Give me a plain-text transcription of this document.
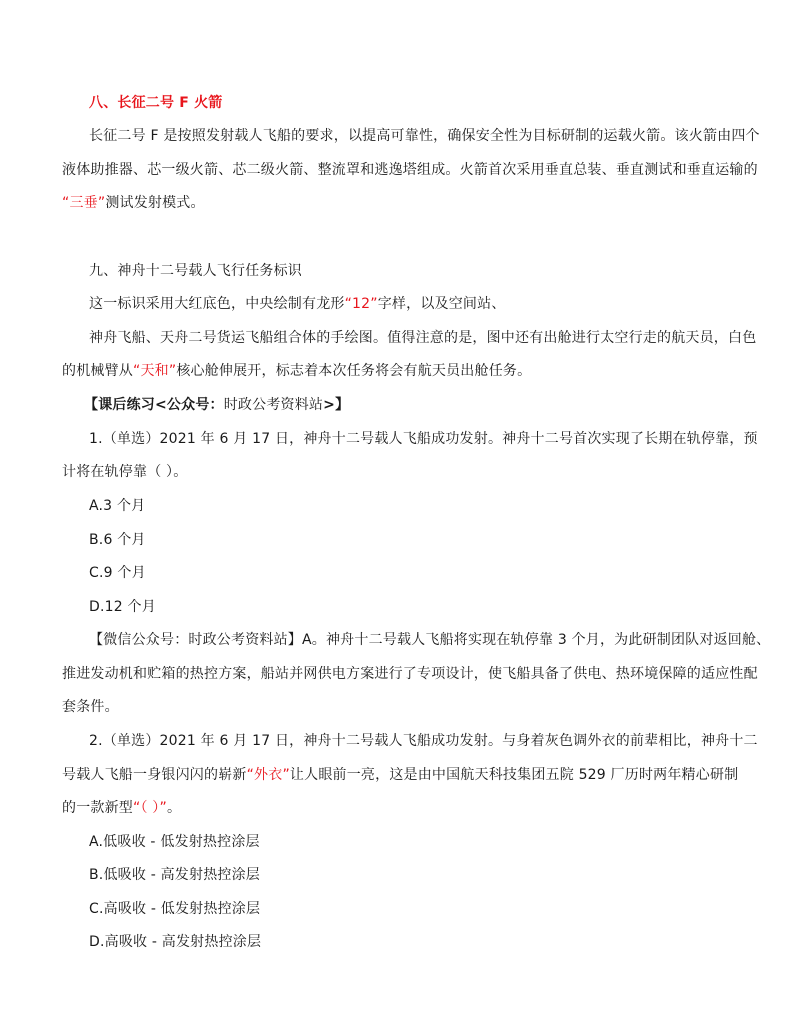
八、长征二号 F 火箭
长征二号 F 是按照发射载人飞船的要求，以提高可靠性，确保安全性为目标研制的运载火箭。该火箭由四个
液体助推器、芯一级火箭、芯二级火箭、整流罩和逃逸塔组成。火箭首次采用垂直总装、垂直测试和垂直运输的
“三垂”测试发射模式。
九、神舟十二号载人飞行任务标识
这一标识采用大红底色，中央绘制有龙形“12”字样，以及空间站、
神舟飞船、天舟二号货运飞船组合体的手绘图。值得注意的是，图中还有出舱进行太空行走的航天员，白色
的机械臂从“天和”核心舱伸展开，标志着本次任务将会有航天员出舱任务。
【课后练习<公众号：时政公考资料站>】
1.（单选）2021 年 6 月 17 日，神舟十二号载人飞船成功发射。神舟十二号首次实现了长期在轨停靠，预
计将在轨停靠（ ）。
A.3 个月
B.6 个月
C.9 个月
D.12 个月
【微信公众号：时政公考资料站】A。神舟十二号载人飞船将实现在轨停靠 3 个月，为此研制团队对返回舱、
推进发动机和贮箱的热控方案，船站并网供电方案进行了专项设计，使飞船具备了供电、热环境保障的适应性配
套条件。
2.（单选）2021 年 6 月 17 日，神舟十二号载人飞船成功发射。与身着灰色调外衣的前辈相比，神舟十二
号载人飞船一身银闪闪的崭新“外衣”让人眼前一亮，这是由中国航天科技集团五院 529 厂历时两年精心研制
的一款新型“（ ）”。
A.低吸收 - 低发射热控涂层
B.低吸收 - 高发射热控涂层
C.高吸收 - 低发射热控涂层
D.高吸收 - 高发射热控涂层
